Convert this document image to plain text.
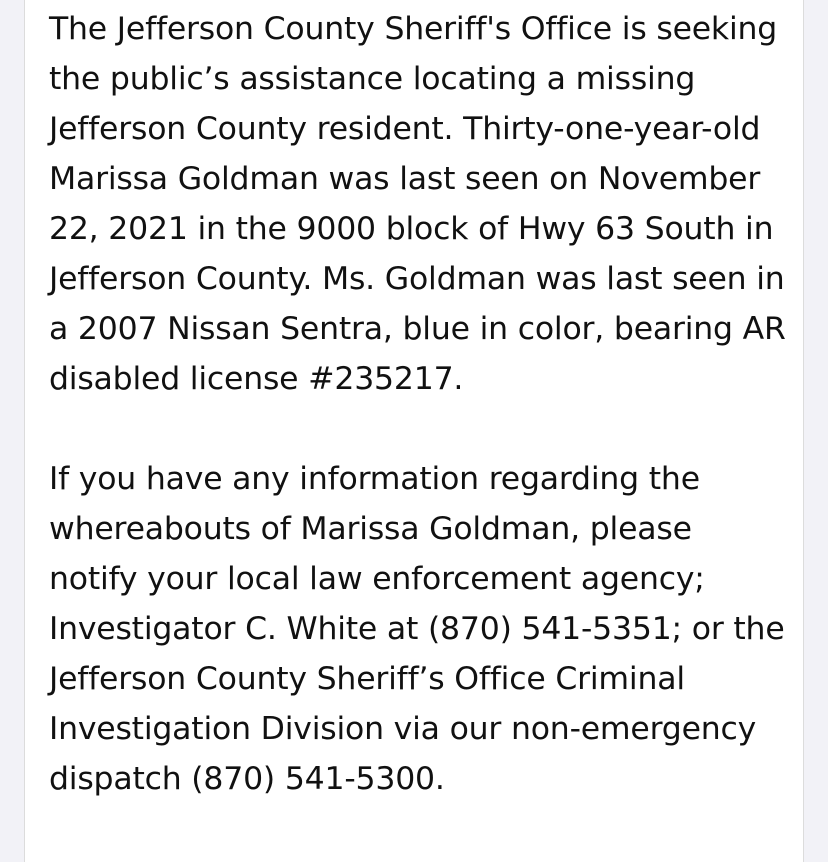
The Jefferson County Sheriff's Office is seeking the public’s assistance locating a missing Jefferson County resident. Thirty-one-year-old Marissa Goldman was last seen on November 22, 2021 in the 9000 block of Hwy 63 South in Jefferson County. Ms. Goldman was last seen in a 2007 Nissan Sentra, blue in color, bearing AR disabled license #235217.

If you have any information regarding the whereabouts of Marissa Goldman, please notify your local law enforcement agency; Investigator C. White at (870) 541-5351; or the Jefferson County Sheriff’s Office Criminal Investigation Division via our non-emergency dispatch (870) 541-5300.
